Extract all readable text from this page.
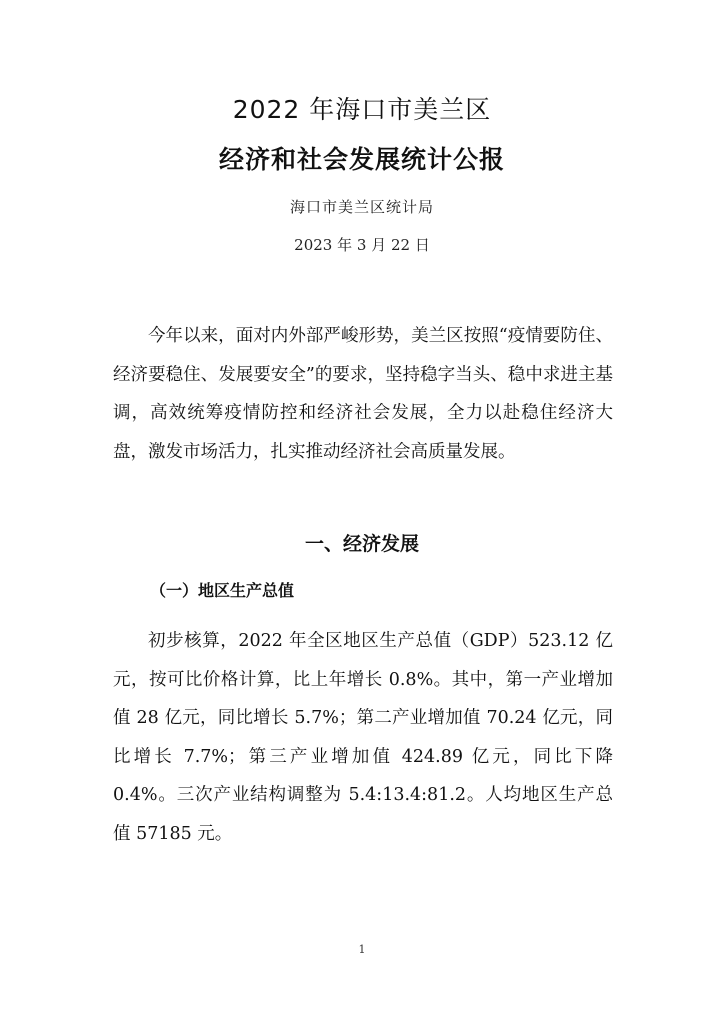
2022 年海口市美兰区
经济和社会发展统计公报
海口市美兰区统计局
2023 年 3 月 22 日

今年以来，面对内外部严峻形势，美兰区按照“疫情要防住、经济要稳住、发展要安全”的要求，坚持稳字当头、稳中求进主基调，高效统筹疫情防控和经济社会发展，全力以赴稳住经济大盘，激发市场活力，扎实推动经济社会高质量发展。

一、经济发展
（一）地区生产总值

初步核算，2022 年全区地区生产总值（GDP）523.12 亿元，按可比价格计算，比上年增长 0.8%。其中，第一产业增加值 28 亿元，同比增长 5.7%；第二产业增加值 70.24 亿元，同比增长 7.7%；第三产业增加值 424.89 亿元，同比下降 0.4%。三次产业结构调整为 5.4:13.4:81.2。人均地区生产总值 57185 元。

1
